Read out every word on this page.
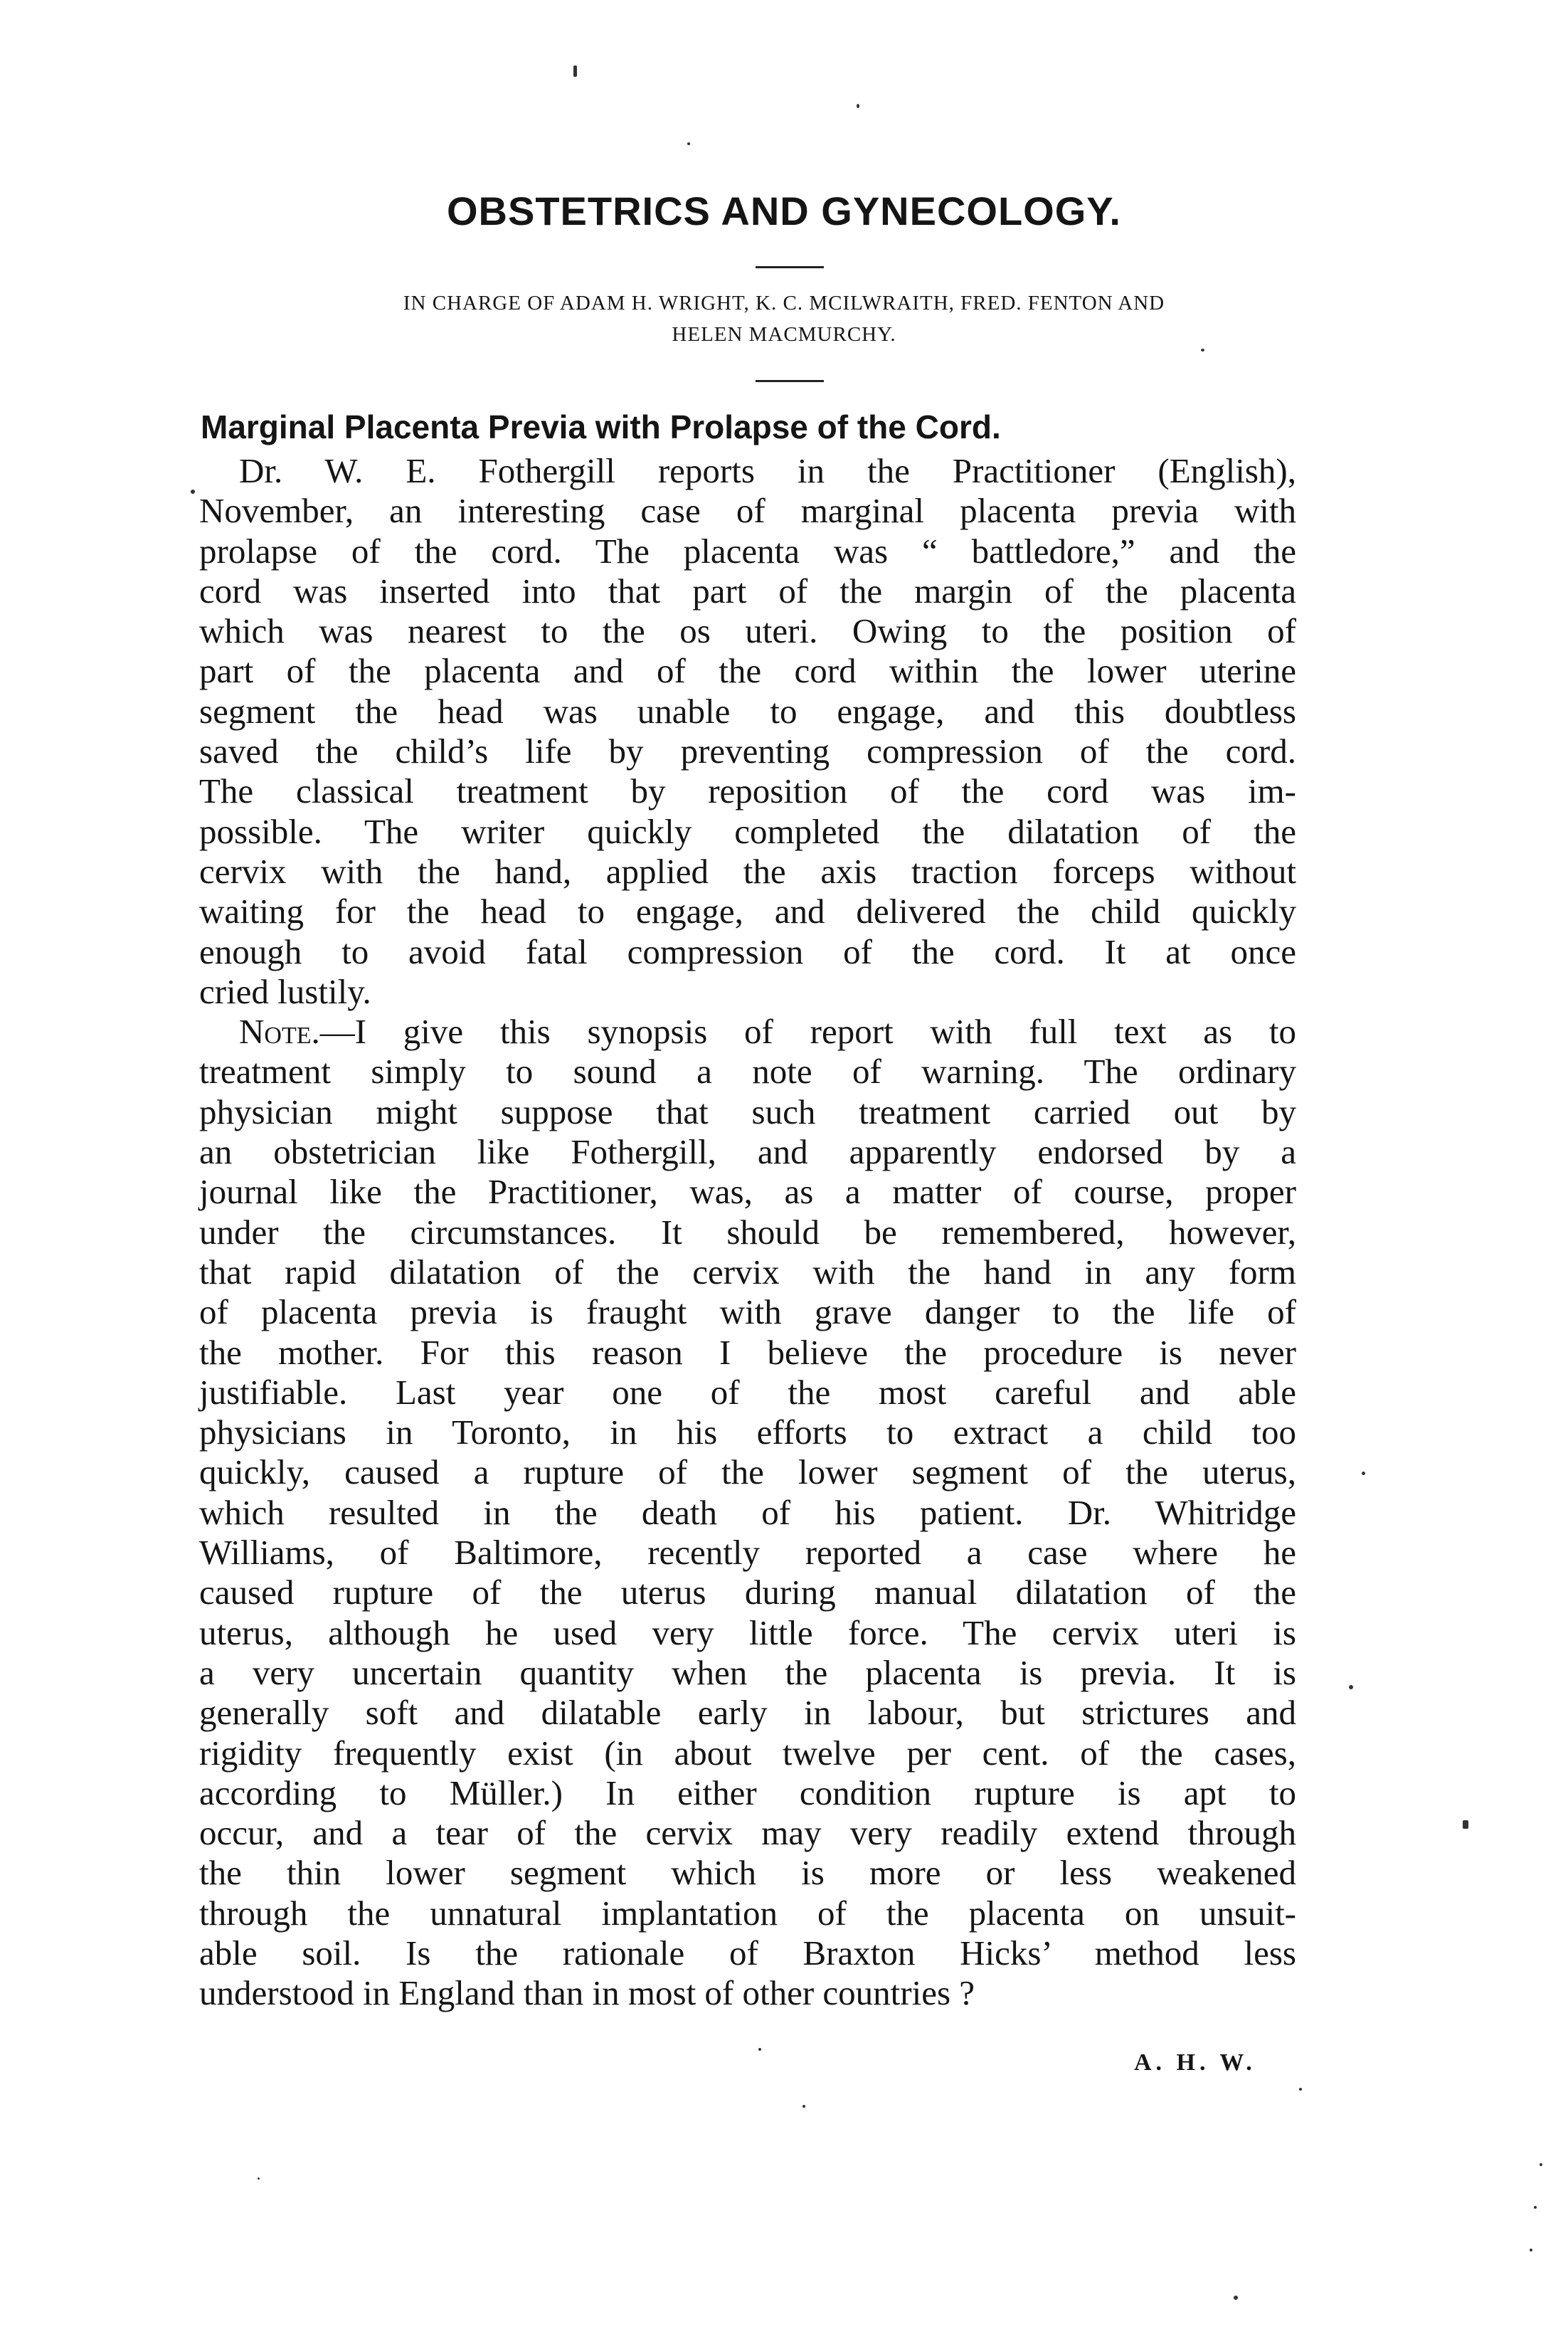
OBSTETRICS AND GYNECOLOGY.
IN CHARGE OF ADAM H. WRIGHT, K. C. MCILWRAITH, FRED. FENTON AND
HELEN MACMURCHY.
Marginal Placenta Previa with Prolapse of the Cord.
Dr. W. E. Fothergill reports in the Practitioner (English),
November, an interesting case of marginal placenta previa with
prolapse of the cord. The placenta was “ battledore,” and the
cord was inserted into that part of the margin of the placenta
which was nearest to the os uteri. Owing to the position of
part of the placenta and of the cord within the lower uterine
segment the head was unable to engage, and this doubtless
saved the child’s life by preventing compression of the cord.
The classical treatment by reposition of the cord was im-
possible. The writer quickly completed the dilatation of the
cervix with the hand, applied the axis traction forceps without
waiting for the head to engage, and delivered the child quickly
enough to avoid fatal compression of the cord. It at once
cried lustily.
Note.—I give this synopsis of report with full text as to
treatment simply to sound a note of warning. The ordinary
physician might suppose that such treatment carried out by
an obstetrician like Fothergill, and apparently endorsed by a
journal like the Practitioner, was, as a matter of course, proper
under the circumstances. It should be remembered, however,
that rapid dilatation of the cervix with the hand in any form
of placenta previa is fraught with grave danger to the life of
the mother. For this reason I believe the procedure is never
justifiable. Last year one of the most careful and able
physicians in Toronto, in his efforts to extract a child too
quickly, caused a rupture of the lower segment of the uterus,
which resulted in the death of his patient. Dr. Whitridge
Williams, of Baltimore, recently reported a case where he
caused rupture of the uterus during manual dilatation of the
uterus, although he used very little force. The cervix uteri is
a very uncertain quantity when the placenta is previa. It is
generally soft and dilatable early in labour, but strictures and
rigidity frequently exist (in about twelve per cent. of the cases,
according to Müller.) In either condition rupture is apt to
occur, and a tear of the cervix may very readily extend through
the thin lower segment which is more or less weakened
through the unnatural implantation of the placenta on unsuit-
able soil. Is the rationale of Braxton Hicks’ method less
understood in England than in most of other countries ?
A. H. W.
